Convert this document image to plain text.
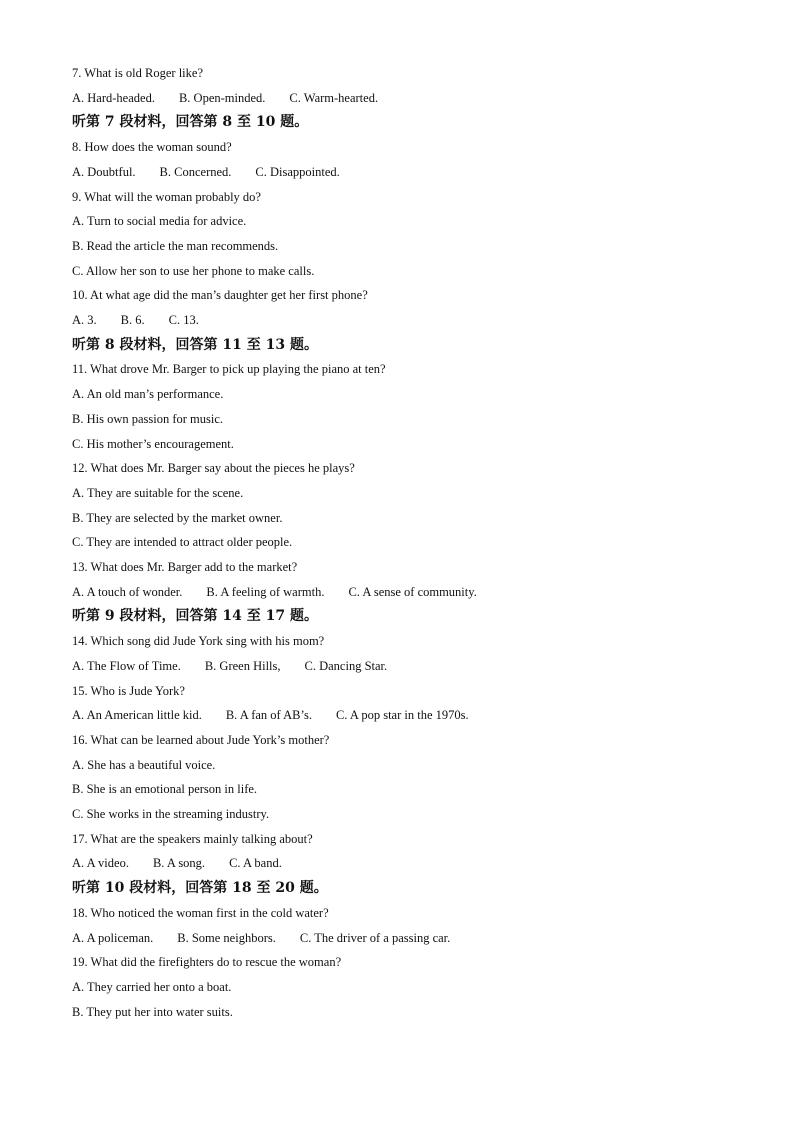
7. What is old Roger like?
A. Hard-headed. B. Open-minded. C. Warm-hearted.
听第 7 段材料，回答第 8 至 10 题。
8. How does the woman sound?
A. Doubtful. B. Concerned. C. Disappointed.
9. What will the woman probably do?
A. Turn to social media for advice.
B. Read the article the man recommends.
C. Allow her son to use her phone to make calls.
10. At what age did the man’s daughter get her first phone?
A. 3. B. 6. C. 13.
听第 8 段材料，回答第 11 至 13 题。
11. What drove Mr. Barger to pick up playing the piano at ten?
A. An old man’s performance.
B. His own passion for music.
C. His mother’s encouragement.
12. What does Mr. Barger say about the pieces he plays?
A. They are suitable for the scene.
B. They are selected by the market owner.
C. They are intended to attract older people.
13. What does Mr. Barger add to the market?
A. A touch of wonder. B. A feeling of warmth. C. A sense of community.
听第 9 段材料，回答第 14 至 17 题。
14. Which song did Jude York sing with his mom?
A. The Flow of Time. B. Green Hills, C. Dancing Star.
15. Who is Jude York?
A. An American little kid. B. A fan of AB’s. C. A pop star in the 1970s.
16. What can be learned about Jude York’s mother?
A. She has a beautiful voice.
B. She is an emotional person in life.
C. She works in the streaming industry.
17. What are the speakers mainly talking about?
A. A video. B. A song. C. A band.
听第 10 段材料，回答第 18 至 20 题。
18. Who noticed the woman first in the cold water?
A. A policeman. B. Some neighbors. C. The driver of a passing car.
19. What did the firefighters do to rescue the woman?
A. They carried her onto a boat.
B. They put her into water suits.
